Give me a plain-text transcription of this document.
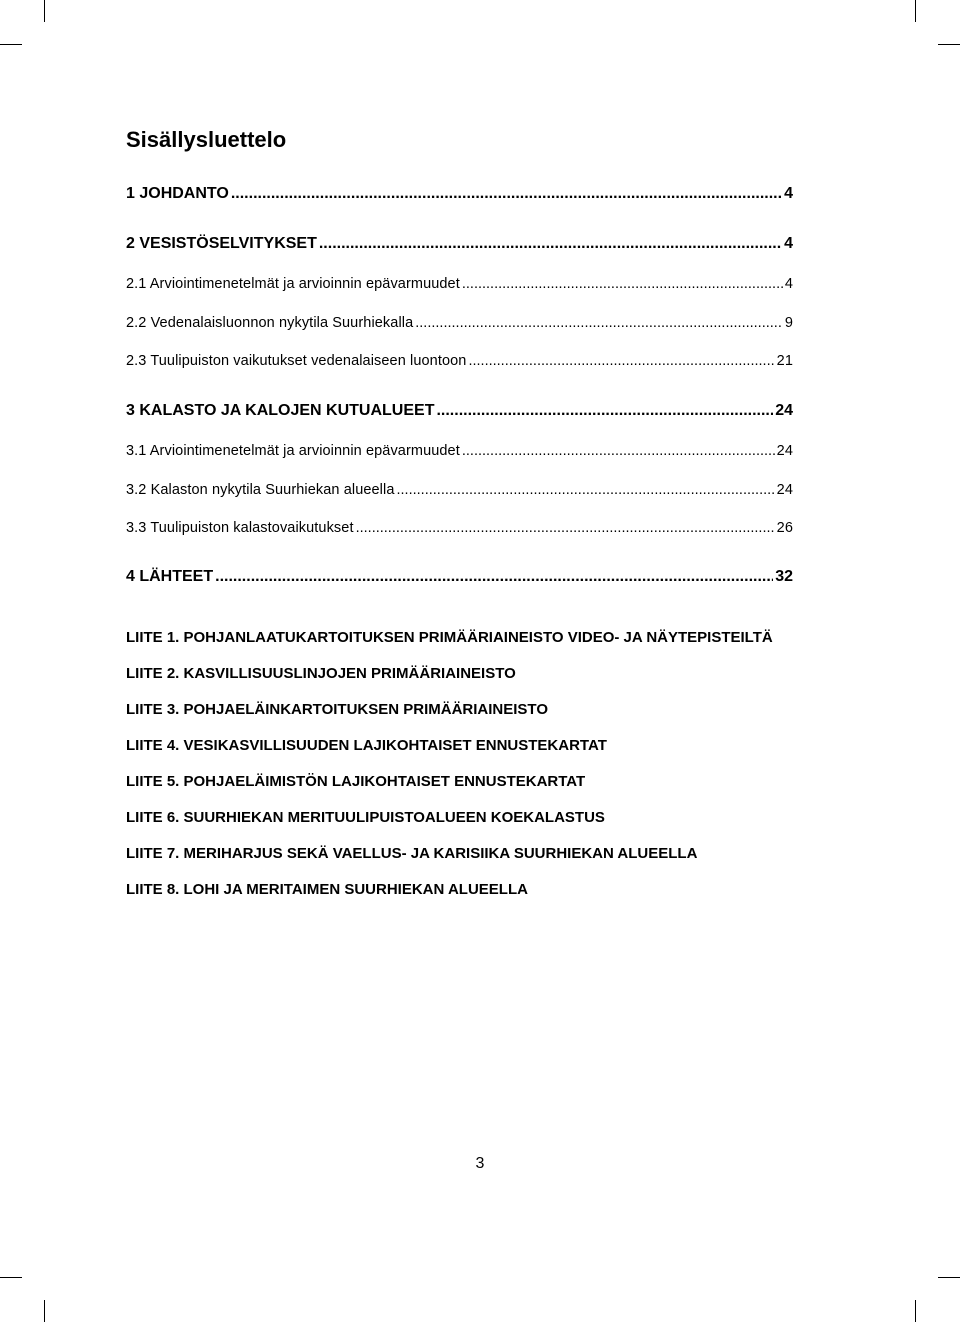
Sisällysluettelo
1 JOHDANTO .....	4
2 VESISTÖSELVITYKSET .....	4
2.1 Arviointimenetelmät ja arvioinnin epävarmuudet .....	4
2.2 Vedenalaisluonnon nykytila Suurhiekalla .....	9
2.3 Tuulipuiston vaikutukset vedenalaiseen luontoon .....	21
3 KALASTO JA KALOJEN KUTUALUEET .....	24
3.1 Arviointimenetelmät ja arvioinnin epävarmuudet .....	24
3.2 Kalaston nykytila Suurhiekan alueella .....	24
3.3 Tuulipuiston kalastovaikutukset .....	26
4 LÄHTEET .....	32
LIITE 1. POHJANLAATUKARTOITUKSEN PRIMÄÄRIAINEISTO VIDEO- JA NÄYTEPISTEILTÄ
LIITE 2. KASVILLISUUSLINJOJEN PRIMÄÄRIAINEISTO
LIITE 3. POHJAELÄINKARTOITUKSEN PRIMÄÄRIAINEISTO
LIITE 4. VESIKASVILLISUUDEN LAJIKOHTAISET ENNUSTEKARTAT
LIITE 5. POHJAELÄIMISTÖN LAJIKOHTAISET ENNUSTEKARTAT
LIITE 6. SUURHIEKAN MERITUULIPUISTOALUEEN KOEKALASTUS
LIITE 7. MERIHARJUS SEKÄ VAELLUS- JA KARISIIKA SUURHIEKAN ALUEELLA
LIITE 8. LOHI JA MERITAIMEN SUURHIEKAN ALUEELLA
3
